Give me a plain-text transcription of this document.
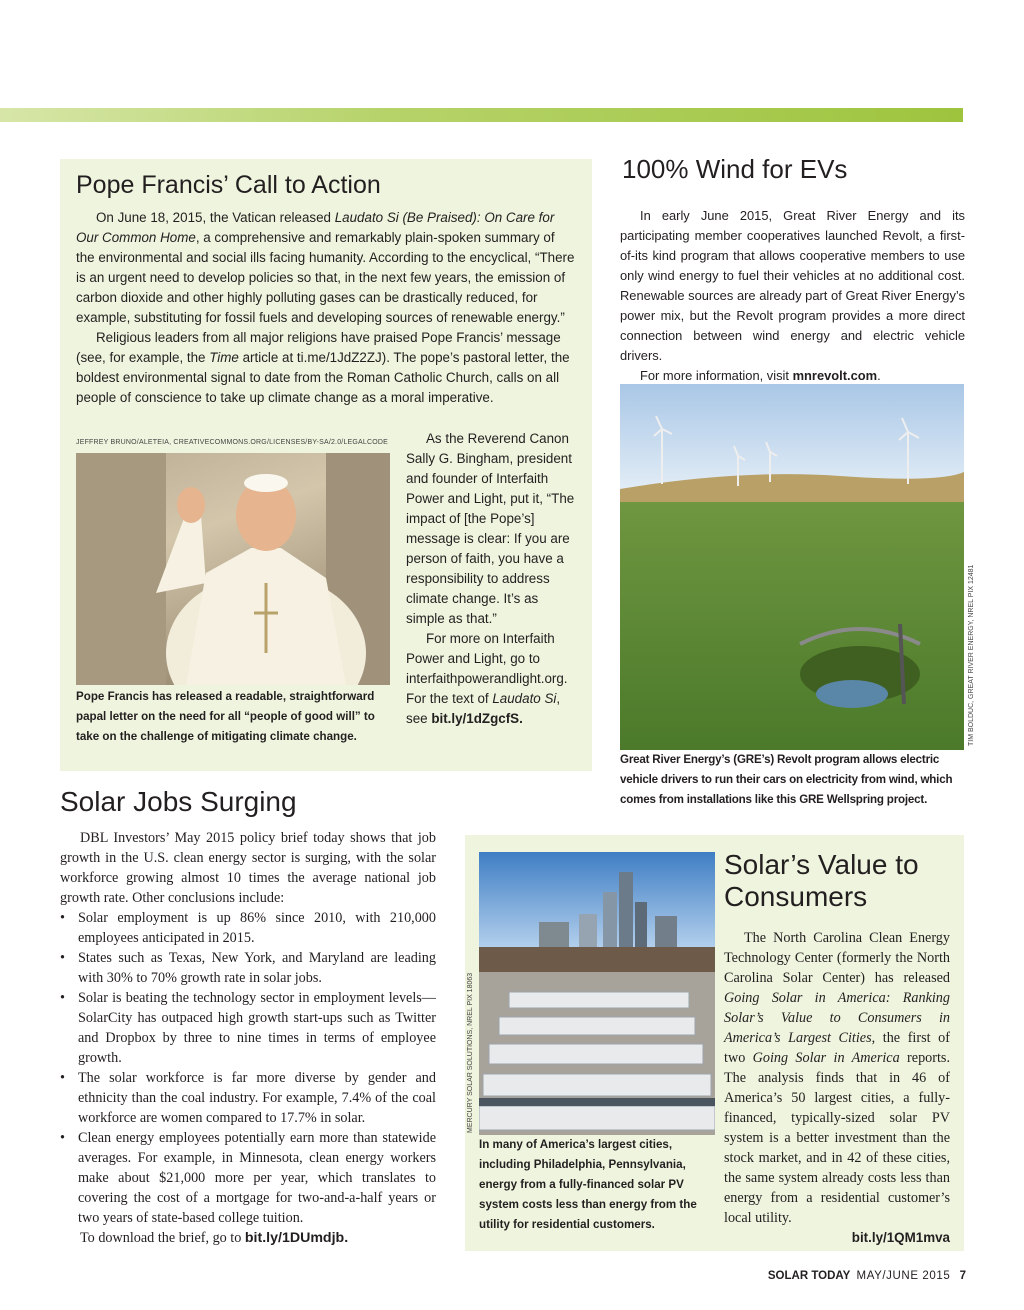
Pope Francis’ Call to Action

On June 18, 2015, the Vatican released Laudato Si (Be Praised): On Care for Our Common Home, a comprehensive and remarkably plain-spoken summary of the environmental and social ills facing humanity. According to the encyclical, “There is an urgent need to develop policies so that, in the next few years, the emission of carbon dioxide and other highly polluting gases can be drastically reduced, for example, substituting for fossil fuels and developing sources of renewable energy.”

Religious leaders from all major religions have praised Pope Francis’ message (see, for example, the Time article at ti.me/1JdZ2ZJ). The pope’s pastoral letter, the boldest environmental signal to date from the Roman Catholic Church, calls on all people of conscience to take up climate change as a moral imperative.

JEFFREY BRUNO/ALETEIA, CREATIVECOMMONS.ORG/LICENSES/BY-SA/2.0/LEGALCODE
Pope Francis has released a readable, straightforward papal letter on the need for all “people of good will” to take on the challenge of mitigating climate change.

As the Reverend Canon Sally G. Bingham, president and founder of Interfaith Power and Light, put it, “The impact of [the Pope’s] message is clear: If you are person of faith, you have a responsibility to address climate change. It’s as simple as that.”

For more on Interfaith Power and Light, go to interfaithpowerandlight.org. For the text of Laudato Si, see bit.ly/1dZgcfS.

100% Wind for EVs

In early June 2015, Great River Energy and its participating member cooperatives launched Revolt, a first-of-its kind program that allows cooperative members to use only wind energy to fuel their vehicles at no additional cost. Renewable sources are already part of Great River Energy’s power mix, but the Revolt program provides a more direct connection between wind energy and electric vehicle drivers.

For more information, visit mnrevolt.com.

Great River Energy’s (GRE’s) Revolt program allows electric vehicle drivers to run their cars on electricity from wind, which comes from installations like this GRE Wellspring project.
TIM BOLDUC, GREAT RIVER ENERGY, NREL PIX 12481
Solar Jobs Surging

DBL Investors’ May 2015 policy brief today shows that job growth in the U.S. clean energy sector is surging, with the solar workforce growing almost 10 times the average national job growth rate. Other conclusions include:

• Solar employment is up 86% since 2010, with 210,000 employees anticipated in 2015.
• States such as Texas, New York, and Maryland are leading with 30% to 70% growth rate in solar jobs.
• Solar is beating the technology sector in employment levels—SolarCity has outpaced high growth start-ups such as Twitter and Dropbox by three to nine times in terms of employee growth.
• The solar workforce is far more diverse by gender and ethnicity than the coal industry. For example, 7.4% of the coal workforce are women compared to 17.7% in solar.
• Clean energy employees potentially earn more than statewide averages. For example, in Minnesota, clean energy workers make about $21,000 more per year, which translates to covering the cost of a mortgage for two-and-a-half years or two years of state-based college tuition.

To download the brief, go to bit.ly/1DUmdjb.

MERCURY SOLAR SOLUTIONS, NREL PIX 18063
In many of America’s largest cities, including Philadelphia, Pennsylvania, energy from a fully-financed solar PV system costs less than energy from the utility for residential customers.
Solar’s Value to
Consumers

The North Carolina Clean Energy Technology Center (formerly the North Carolina Solar Center) has released Going Solar in America: Ranking Solar’s Value to Consumers in America’s Largest Cities, the first of two Going Solar in America reports. The analysis finds that in 46 of America’s 50 largest cities, a fully-financed, typically-sized solar PV system is a better investment than the stock market, and in 42 of these cities, the same system already costs less than energy from a residential customer’s local utility.

bit.ly/1QM1mva
SOLAR TODAY MAY/JUNE 2015 7
